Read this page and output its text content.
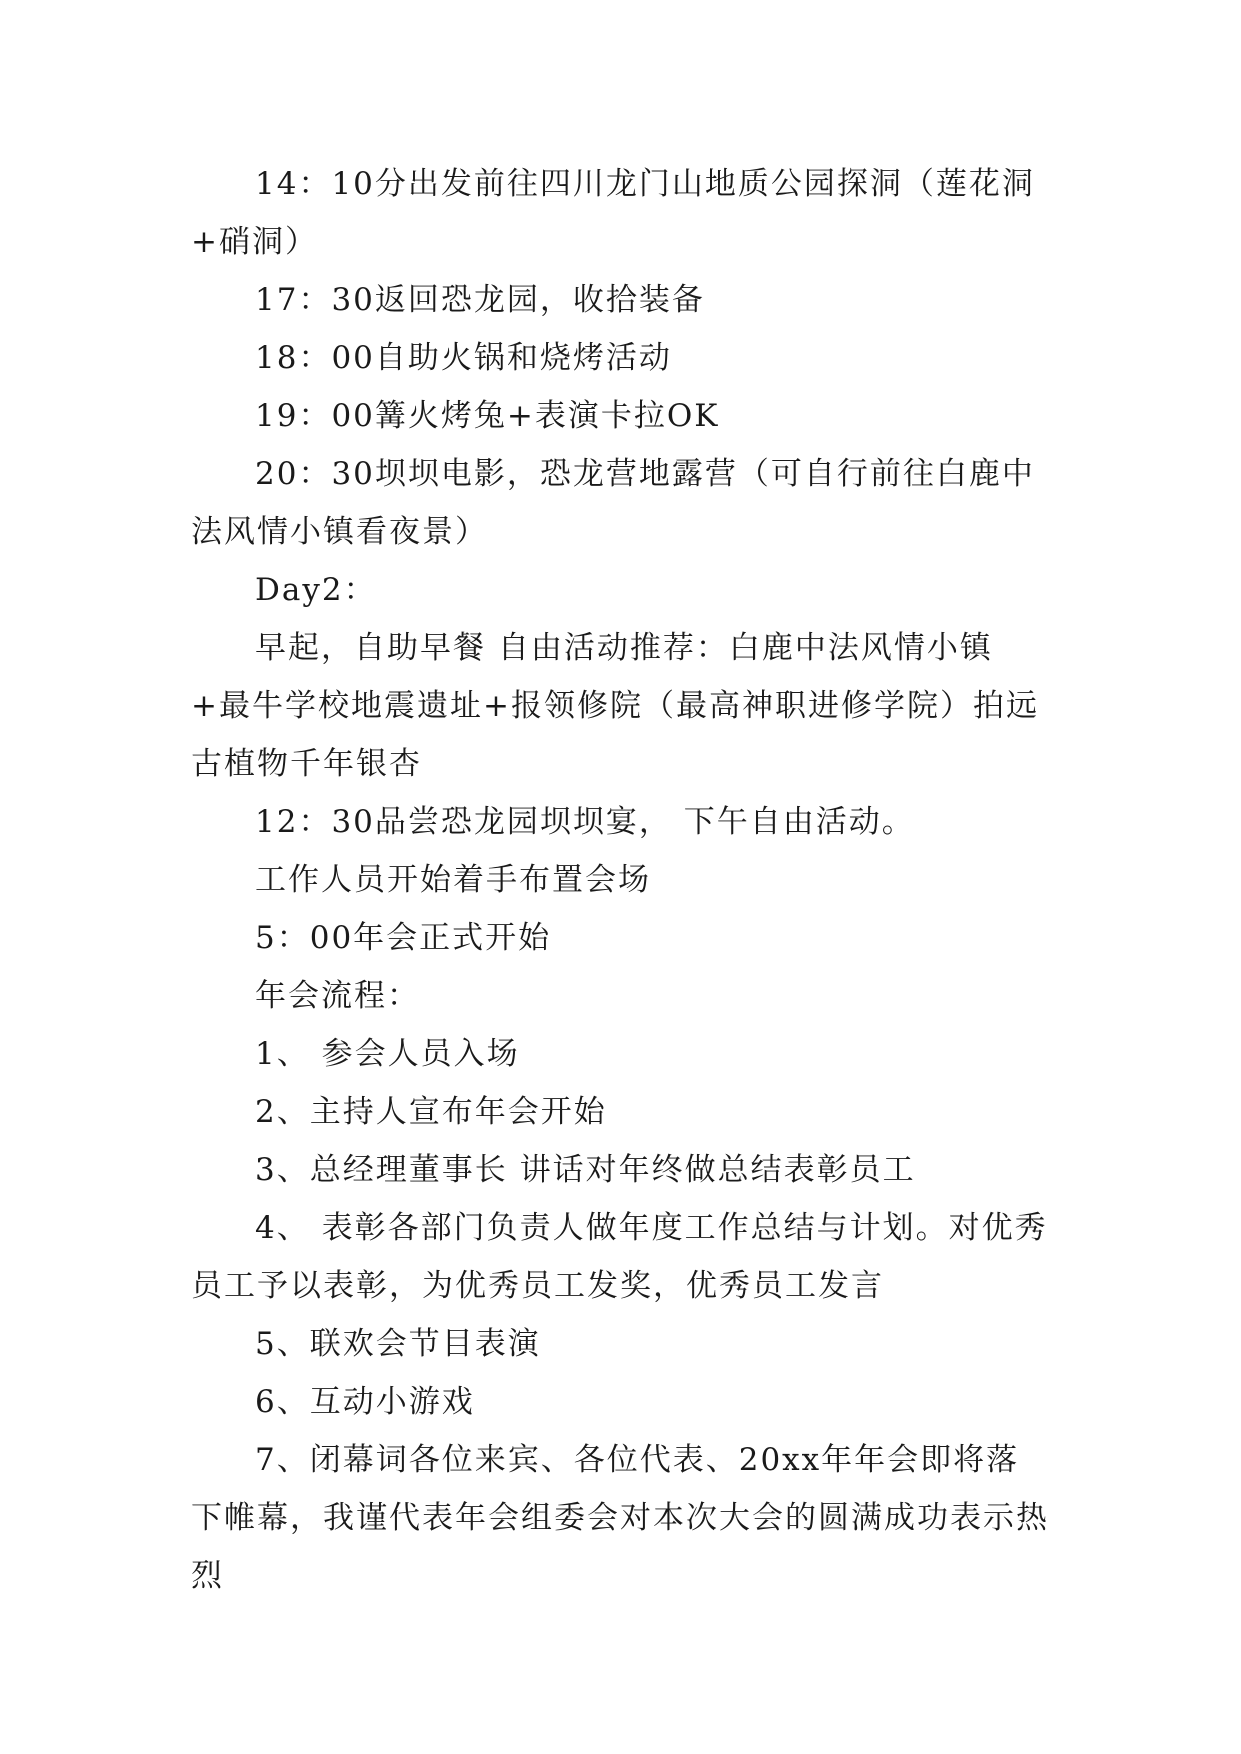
14：10分出发前往四川龙门山地质公园探洞（莲花洞+硝洞）

17：30返回恐龙园，收拾装备

18：00自助火锅和烧烤活动

19：00篝火烤兔+表演卡拉OK

20：30坝坝电影，恐龙营地露营（可自行前往白鹿中法风情小镇看夜景）

Day2：

早起，自助早餐 自由活动推荐：白鹿中法风情小镇+最牛学校地震遗址+报领修院（最高神职进修学院）拍远古植物千年银杏

12：30品尝恐龙园坝坝宴， 下午自由活动。

工作人员开始着手布置会场

5：00年会正式开始

年会流程：

1、 参会人员入场

2、主持人宣布年会开始

3、总经理董事长 讲话对年终做总结表彰员工

4、 表彰各部门负责人做年度工作总结与计划。对优秀员工予以表彰，为优秀员工发奖，优秀员工发言

5、联欢会节目表演

6、互动小游戏

7、闭幕词各位来宾、各位代表、20xx年年会即将落下帷幕，我谨代表年会组委会对本次大会的圆满成功表示热烈
